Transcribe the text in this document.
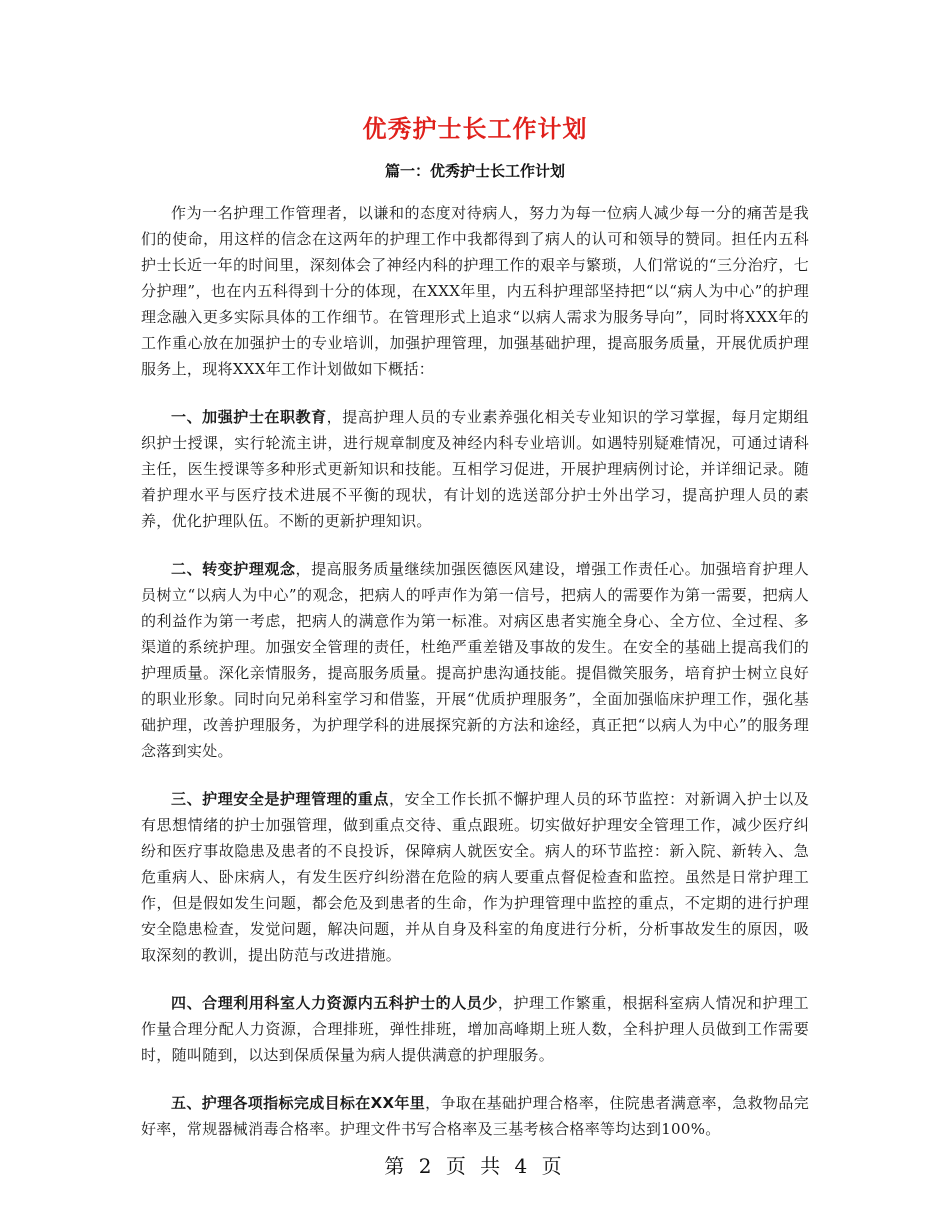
优秀护士长工作计划
篇一：优秀护士长工作计划

作为一名护理工作管理者，以谦和的态度对待病人，努力为每一位病人减少每一分的痛苦是我们的使命，用这样的信念在这两年的护理工作中我都得到了病人的认可和领导的赞同。担任内五科护士长近一年的时间里，深刻体会了神经内科的护理工作的艰辛与繁琐，人们常说的“三分治疗，七分护理”，也在内五科得到十分的体现，在XXX年里，内五科护理部坚持把“以“病人为中心”的护理理念融入更多实际具体的工作细节。在管理形式上追求“以病人需求为服务导向”，同时将XXX年的工作重心放在加强护士的专业培训，加强护理管理，加强基础护理，提高服务质量，开展优质护理服务上，现将XXX年工作计划做如下概括：

一、加强护士在职教育，提高护理人员的专业素养强化相关专业知识的学习掌握，每月定期组织护士授课，实行轮流主讲，进行规章制度及神经内科专业培训。如遇特别疑难情况，可通过请科主任，医生授课等多种形式更新知识和技能。互相学习促进，开展护理病例讨论，并详细记录。随着护理水平与医疗技术进展不平衡的现状，有计划的选送部分护士外出学习，提高护理人员的素养，优化护理队伍。不断的更新护理知识。

二、转变护理观念，提高服务质量继续加强医德医风建设，增强工作责任心。加强培育护理人员树立“以病人为中心”的观念，把病人的呼声作为第一信号，把病人的需要作为第一需要，把病人的利益作为第一考虑，把病人的满意作为第一标准。对病区患者实施全身心、全方位、全过程、多渠道的系统护理。加强安全管理的责任，杜绝严重差错及事故的发生。在安全的基础上提高我们的护理质量。深化亲情服务，提高服务质量。提高护患沟通技能。提倡微笑服务，培育护士树立良好的职业形象。同时向兄弟科室学习和借鉴，开展“优质护理服务”，全面加强临床护理工作，强化基础护理，改善护理服务，为护理学科的进展探究新的方法和途经，真正把“以病人为中心”的服务理念落到实处。

三、护理安全是护理管理的重点，安全工作长抓不懈护理人员的环节监控：对新调入护士以及有思想情绪的护士加强管理，做到重点交待、重点跟班。切实做好护理安全管理工作，减少医疗纠纷和医疗事故隐患及患者的不良投诉，保障病人就医安全。病人的环节监控：新入院、新转入、急危重病人、卧床病人，有发生医疗纠纷潜在危险的病人要重点督促检查和监控。虽然是日常护理工作，但是假如发生问题，都会危及到患者的生命，作为护理管理中监控的重点，不定期的进行护理安全隐患检查，发觉问题，解决问题，并从自身及科室的角度进行分析，分析事故发生的原因，吸取深刻的教训，提出防范与改进措施。

四、合理利用科室人力资源内五科护士的人员少，护理工作繁重，根据科室病人情况和护理工作量合理分配人力资源，合理排班，弹性排班，增加高峰期上班人数，全科护理人员做到工作需要时，随叫随到，以达到保质保量为病人提供满意的护理服务。

五、护理各项指标完成目标在XX年里，争取在基础护理合格率，住院患者满意率，急救物品完好率，常规器械消毒合格率。护理文件书写合格率及三基考核合格率等均达到100%。

第 2 页 共 4 页
